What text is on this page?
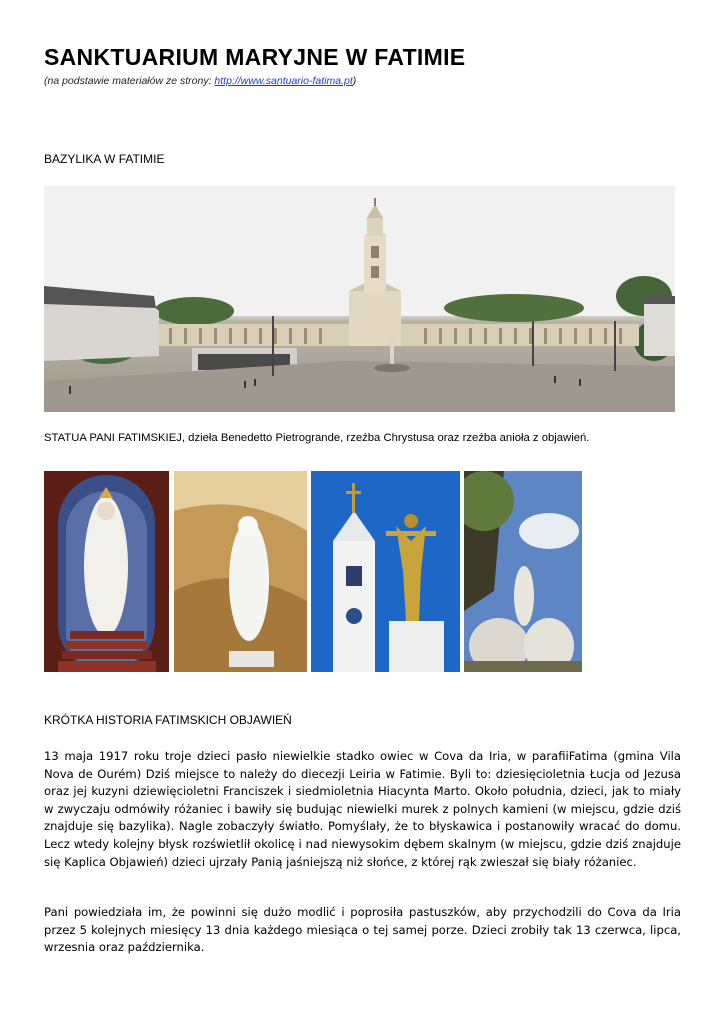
SANKTUARIUM MARYJNE W FATIMIE
(na podstawie materiałów ze strony: http://www.santuario-fatima.pt)
BAZYLIKA W FATIMIE
STATUA PANI FATIMSKIEJ, dzieła Benedetto Pietrogrande, rzeźba Chrystusa oraz rzeźba anioła z objawień.
KRÓTKA HISTORIA FATIMSKICH OBJAWIEŃ

13 maja 1917 roku troje dzieci pasło niewielkie stadko owiec w Cova da Iria, w parafiiFatima (gmina Vila Nova de Ourém) Dziś miejsce to należy do diecezji Leiria w Fatimie. Byli to: dziesięcioletnia Łucja od Jezusa oraz jej kuzyni dziewięcioletni Franciszek i siedmioletnia Hiacynta Marto. Około południa, dzieci, jak to miały w zwyczaju odmówiły różaniec i bawiły się budując niewielki murek z polnych kamieni (w miejscu, gdzie dziś znajduje się bazylika). Nagle zobaczyły światło. Pomyślały, że to błyskawica i postanowiły wracać do domu. Lecz wtedy kolejny błysk rozświetlił okolicę i nad niewysokim dębem skalnym (w miejscu, gdzie dziś znajduje się Kaplica Objawień) dzieci ujrzały Panią jaśniejszą niż słońce, z której rąk zwieszał się biały różaniec.

Pani powiedziała im, że powinni się dużo modlić i poprosiła pastuszków, aby przychodzili do Cova da Iria przez 5 kolejnych miesięcy 13 dnia każdego miesiąca o tej samej porze. Dzieci zrobiły tak 13 czerwca, lipca, wrzesnia oraz października.
